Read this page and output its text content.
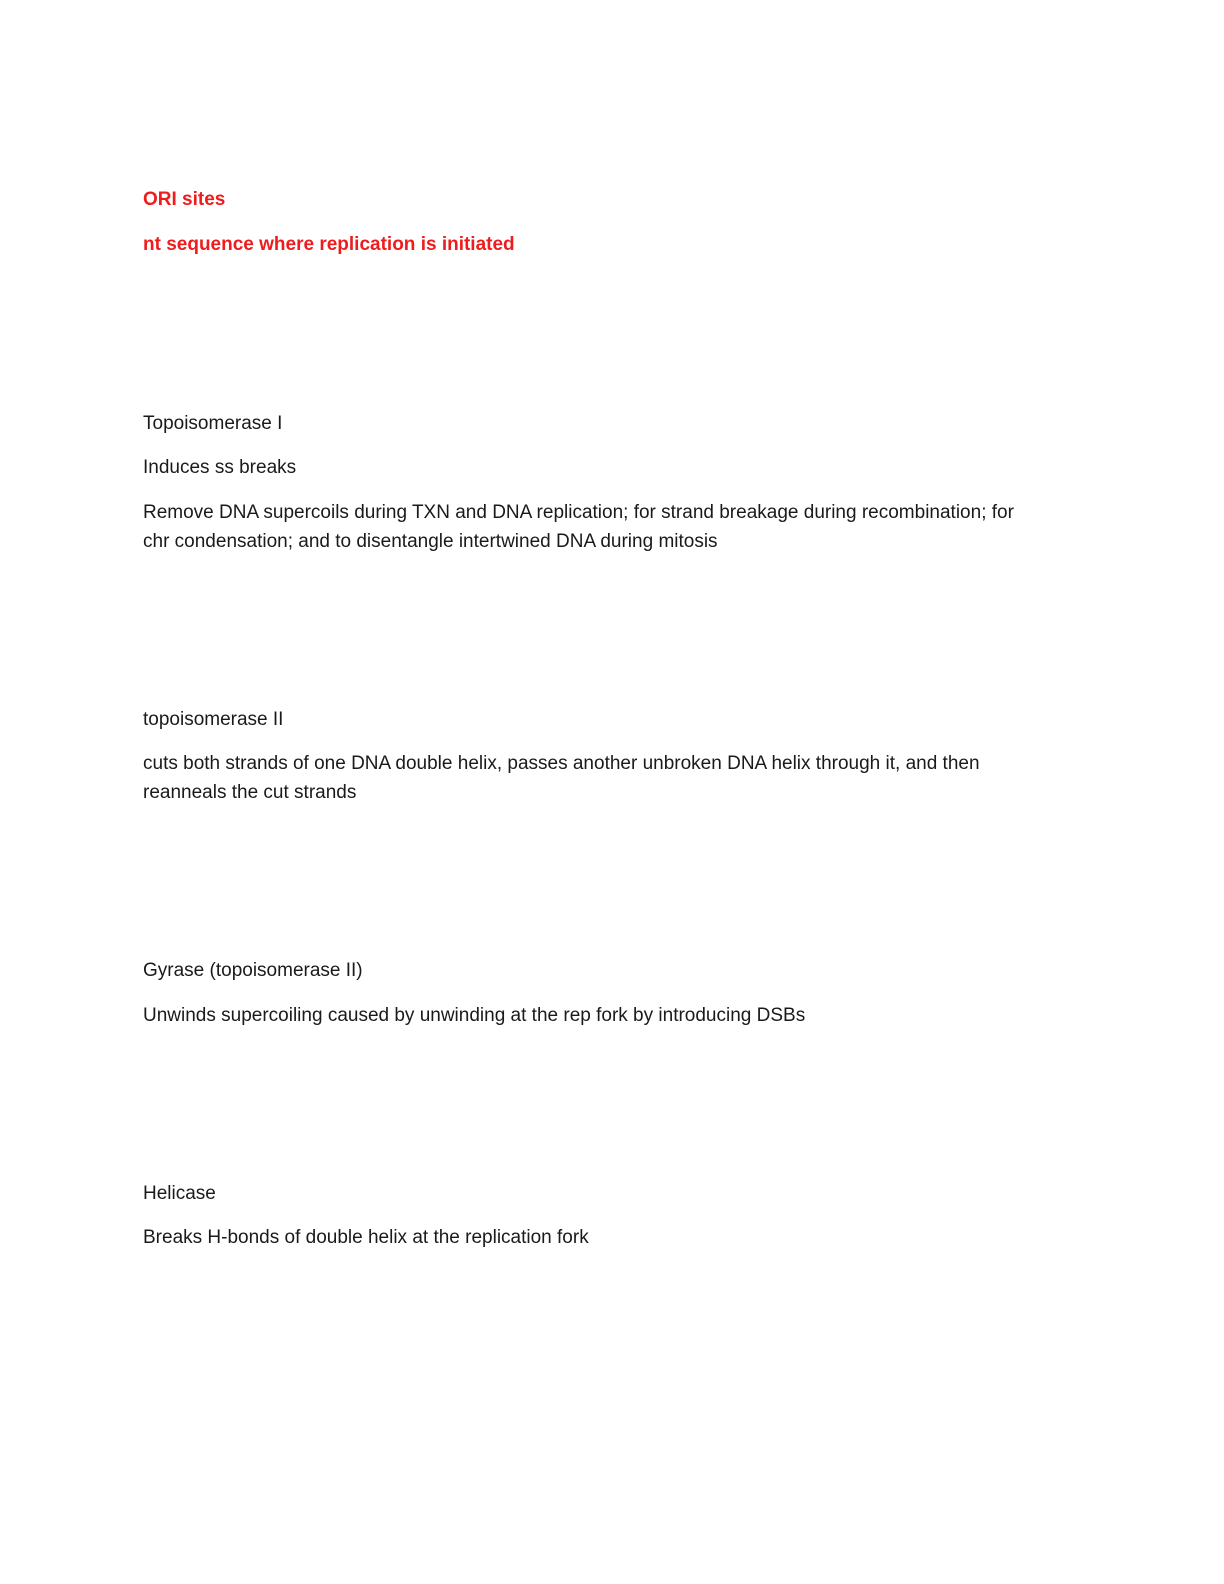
ORI sites

nt sequence where replication is initiated

Topoisomerase I

Induces ss breaks

Remove DNA supercoils during TXN and DNA replication; for strand breakage during recombination; for

chr condensation; and to disentangle intertwined DNA during mitosis

topoisomerase II

cuts both strands of one DNA double helix, passes another unbroken DNA helix through it, and then

reanneals the cut strands

Gyrase (topoisomerase II)

Unwinds supercoiling caused by unwinding at the rep fork by introducing DSBs

Helicase

Breaks H-bonds of double helix at the replication fork
